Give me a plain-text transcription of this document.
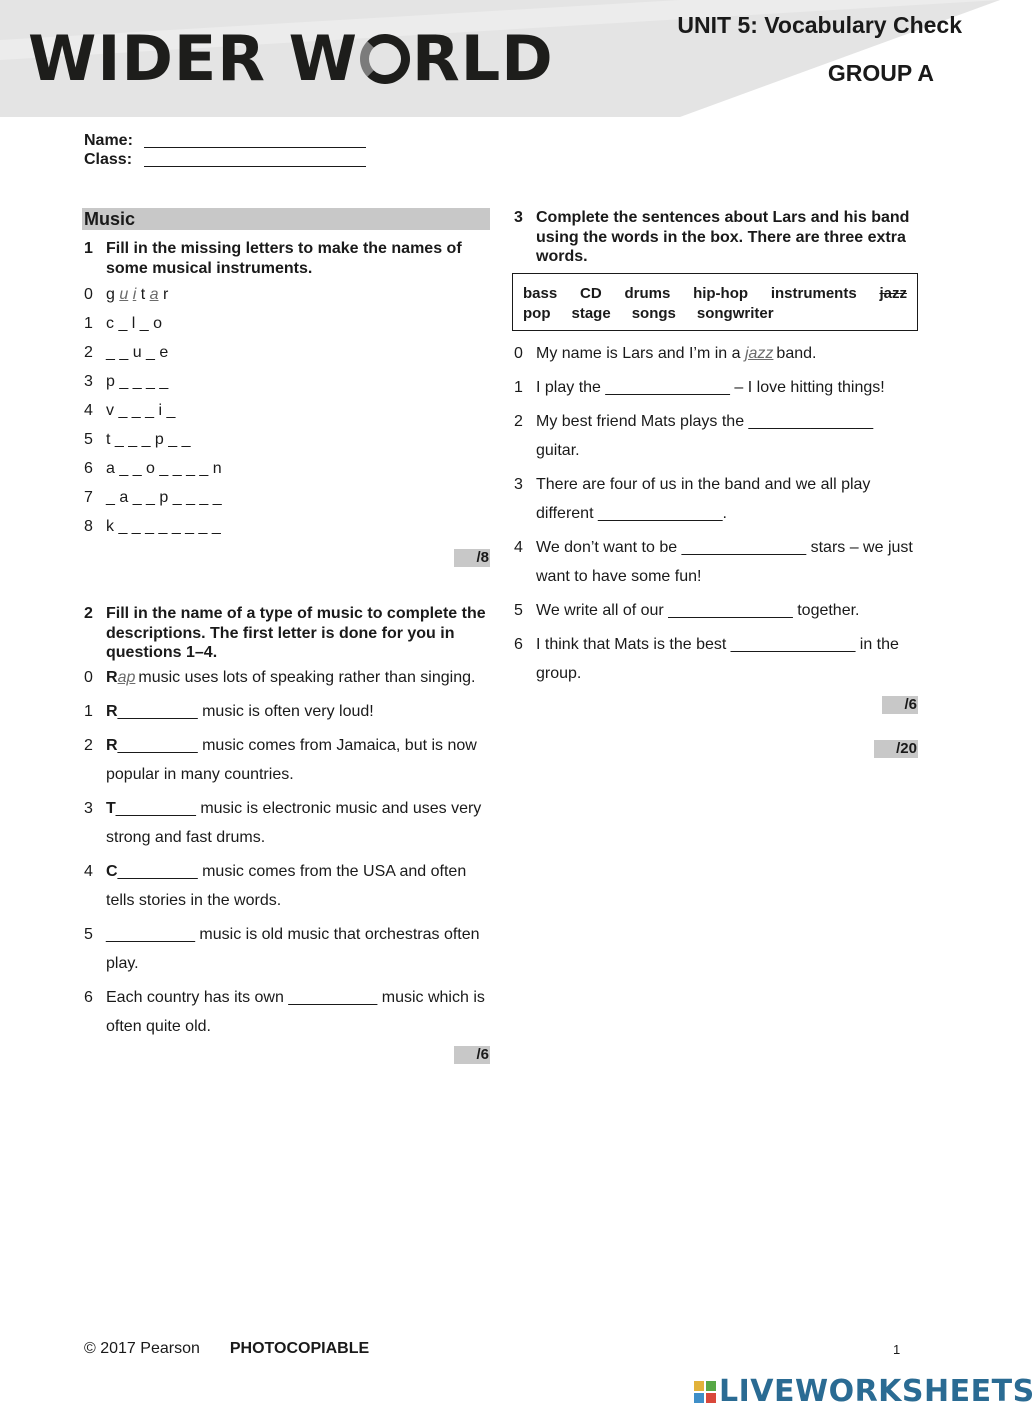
WIDER W RLD	UNIT 5: Vocabulary Check
GROUP A
Name:
Class:
Music
1 Fill in the missing letters to make the names of some musical instruments.
0 g u i t a r
1 c _ l _ o
2 _ _ u _ e
3 p _ _ _ _
4 v _ _ _ i _
5 t _ _ _ p _ _
6 a _ _ o _ _ _ _ n
7 _ a _ _ p _ _ _ _
8 k _ _ _ _ _ _ _ _
/8
2 Fill in the name of a type of music to complete the descriptions. The first letter is done for you in questions 1–4.
0 Rap music uses lots of speaking rather than singing.
1 R_________ music is often very loud!
2 R_________ music comes from Jamaica, but is now popular in many countries.
3 T_________ music is electronic music and uses very strong and fast drums.
4 C_________ music comes from the USA and often tells stories in the words.
5 __________ music is old music that orchestras often play.
6 Each country has its own __________ music which is often quite old.
/6
3 Complete the sentences about Lars and his band using the words in the box. There are three extra words.
bass CD drums hip-hop instruments jazz
pop stage songs songwriter
0 My name is Lars and I’m in a jazz band.
1 I play the ______________ – I love hitting things!
2 My best friend Mats plays the ______________ guitar.
3 There are four of us in the band and we all play different ______________.
4 We don’t want to be ______________ stars – we just want to have some fun!
5 We write all of our ______________ together.
6 I think that Mats is the best ______________ in the group.
/6
/20
© 2017 Pearson PHOTOCOPIABLE	1
LIVEWORKSHEETS
